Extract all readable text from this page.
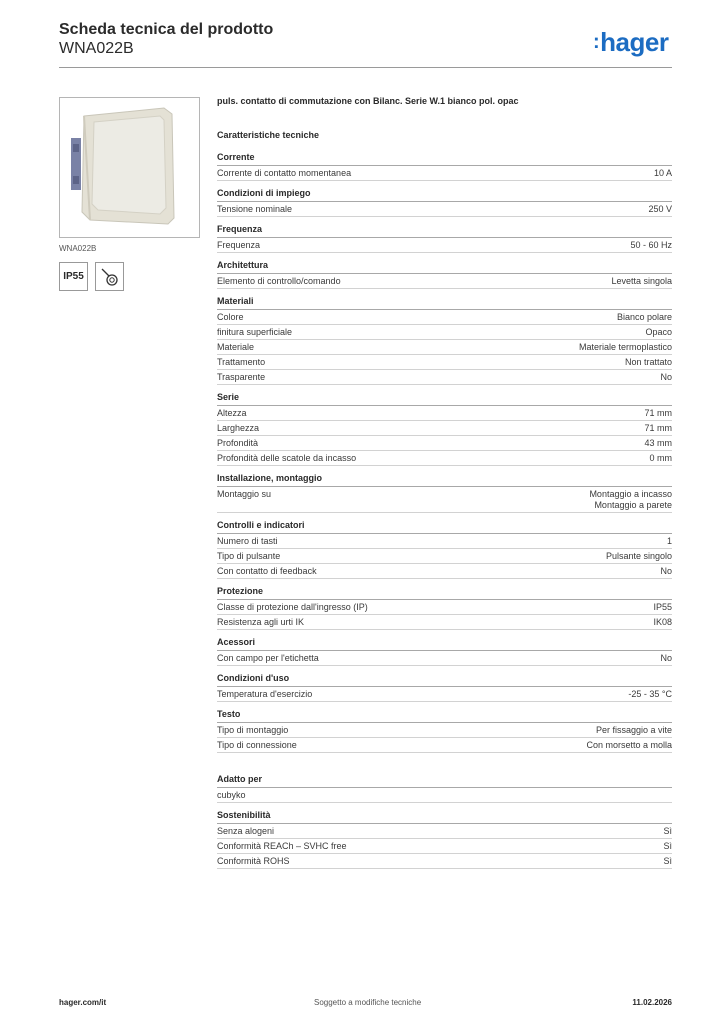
Scheda tecnica del prodotto
WNA022B	:hager
WNA022B
IP55
puls. contatto di commutazione con Bilanc. Serie W.1 bianco pol. opac
Caratteristiche tecniche
Corrente
Corrente di contatto momentanea	10 A
Condizioni di impiego
Tensione nominale	250 V
Frequenza
Frequenza	50 - 60 Hz
Architettura
Elemento di controllo/comando	Levetta singola
Materiali
Colore	Bianco polare
finitura superficiale	Opaco
Materiale	Materiale termoplastico
Trattamento	Non trattato
Trasparente	No
Serie
Altezza	71 mm
Larghezza	71 mm
Profondità	43 mm
Profondità delle scatole da incasso	0 mm
Installazione, montaggio
Montaggio su	Montaggio a incasso
Montaggio a parete
Controlli e indicatori
Numero di tasti	1
Tipo di pulsante	Pulsante singolo
Con contatto di feedback	No
Protezione
Classe di protezione dall'ingresso (IP)	IP55
Resistenza agli urti IK	IK08
Acessori
Con campo per l'etichetta	No
Condizioni d'uso
Temperatura d'esercizio	-25 - 35 °C
Testo
Tipo di montaggio	Per fissaggio a vite
Tipo di connessione	Con morsetto a molla
Adatto per
cubyko
Sostenibilità
Senza alogeni	Sì
Conformità REACh – SVHC free	Sì
Conformità ROHS	Sì
hager.com/it	Soggetto a modifiche tecniche	11.02.2026
